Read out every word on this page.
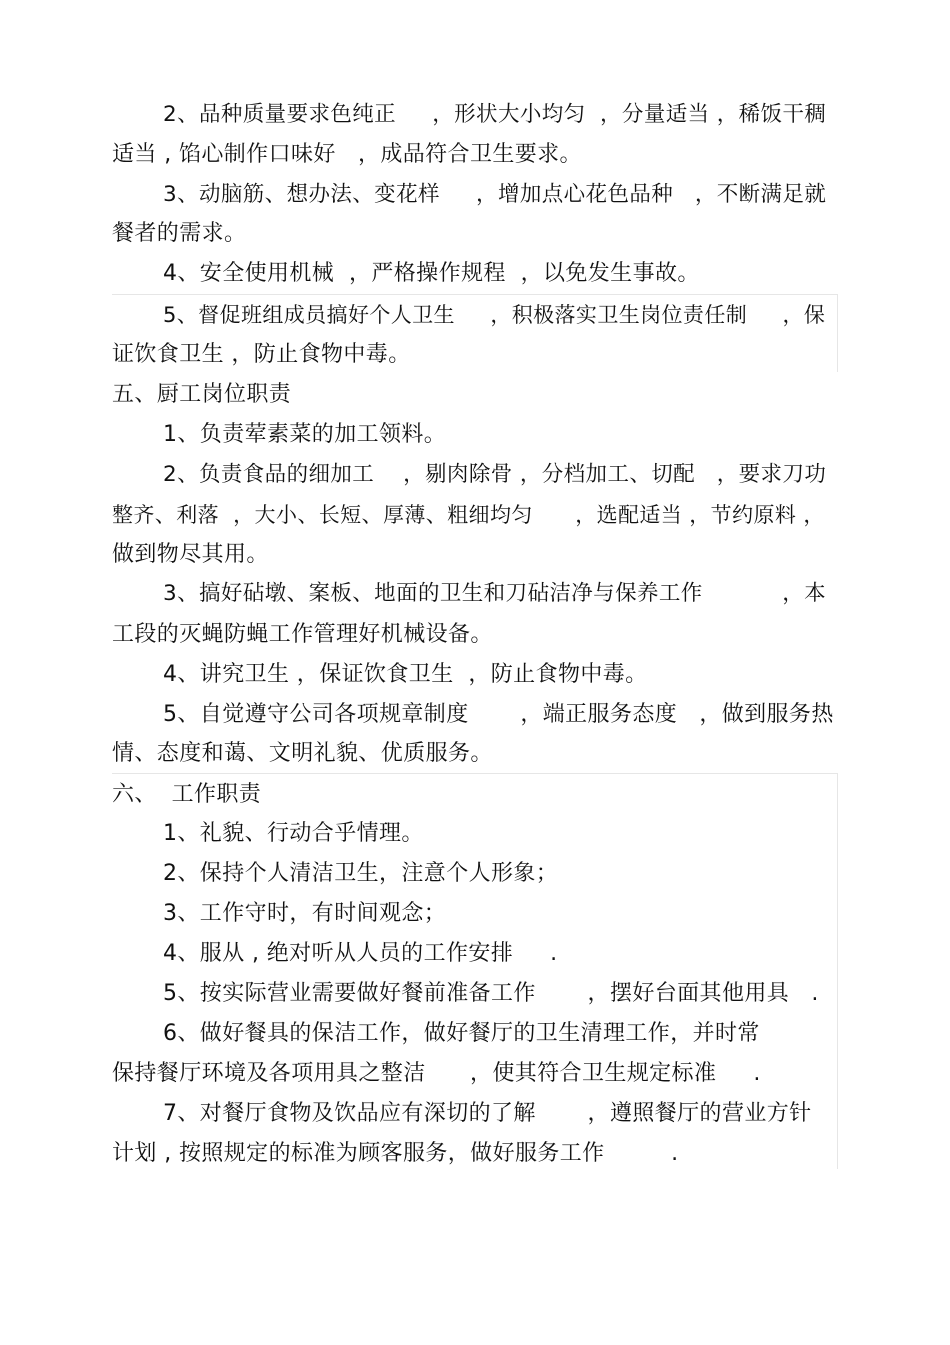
2、品种质量要求色纯正     ，形状大小均匀  ，分量适当 ，稀饭干稠
适当 , 馅心制作口味好   ，成品符合卫生要求。
3、动脑筋、想办法、变花样     ，增加点心花色品种   ，不断满足就
餐者的需求。
4、安全使用机械  ，严格操作规程  ，以免发生事故。
5、督促班组成员搞好个人卫生     ，积极落实卫生岗位责任制     ，保
证饮食卫生 ，防止食物中毒。
五、厨工岗位职责
1、负责荤素菜的加工领料。
2、负责食品的细加工    ，剔肉除骨 ，分档加工、切配   ，要求刀功
整齐、利落  ，大小、长短、厚薄、粗细均匀      ，选配适当 ，节约原料 ，
做到物尽其用。
3、搞好砧墩、案板、地面的卫生和刀砧洁净与保养工作           ，本
工段的灭蝇防蝇工作管理好机械设备。
4、讲究卫生 ，保证饮食卫生  ，防止食物中毒。
5、自觉遵守公司各项规章制度       ，端正服务态度   ，做到服务热
情、态度和蔼、文明礼貌、优质服务。
六、  工作职责
1、礼貌、行动合乎情理。
2、保持个人清洁卫生，注意个人形象；
3、工作守时，有时间观念；
4、服从 , 绝对听从人员的工作安排     .
5、按实际营业需要做好餐前准备工作       ，摆好台面其他用具   .
6、做好餐具的保洁工作，做好餐厅的卫生清理工作，并时常
保持餐厅环境及各项用具之整洁      ，使其符合卫生规定标准     .
7、对餐厅食物及饮品应有深切的了解       ，遵照餐厅的营业方针
计划 , 按照规定的标准为顾客服务，做好服务工作         .
